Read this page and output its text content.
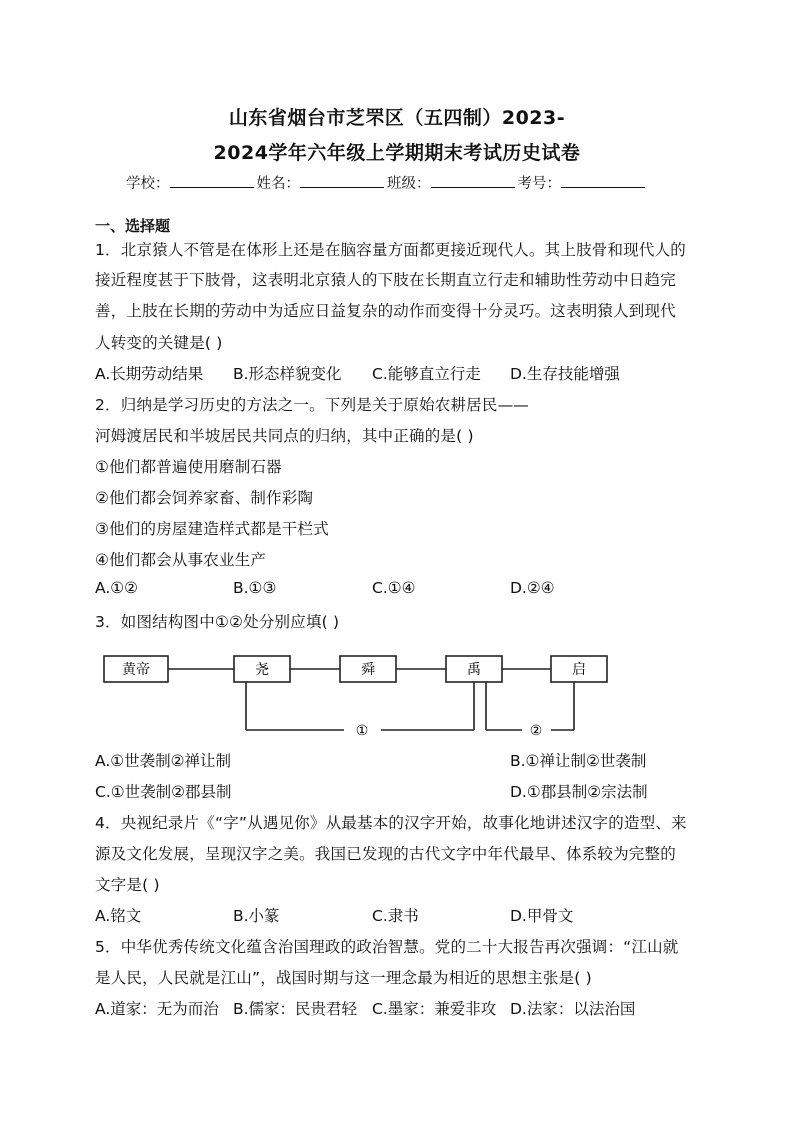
山东省烟台市芝罘区（五四制）2023-
2024学年六年级上学期期末考试历史试卷
学校：	姓名：	班级：	考号：
一、选择题
1．北京猿人不管是在体形上还是在脑容量方面都更接近现代人。其上肢骨和现代人的
接近程度甚于下肢骨，这表明北京猿人的下肢在长期直立行走和辅助性劳动中日趋完
善，上肢在长期的劳动中为适应日益复杂的动作而变得十分灵巧。这表明猿人到现代
人转变的关键是( )
A.长期劳动结果 B.形态样貌变化 C.能够直立行走 D.生存技能增强
2．归纳是学习历史的方法之一。下列是关于原始农耕居民——
河姆渡居民和半坡居民共同点的归纳，其中正确的是( )
①他们都普遍使用磨制石器
②他们都会饲养家畜、制作彩陶
③他们的房屋建造样式都是干栏式
④他们都会从事农业生产
A.①②	B.①③	C.①④	D.②④
3．如图结构图中①②处分别应填( )
黄帝	尧	舜	禹	启
①	②
A.①世袭制②禅让制	B.①禅让制②世袭制
C.①世袭制②郡县制	D.①郡县制②宗法制
4．央视纪录片《“字”从遇见你》从最基本的汉字开始，故事化地讲述汉字的造型、来
源及文化发展，呈现汉字之美。我国已发现的古代文字中年代最早、体系较为完整的
文字是( )
A.铭文	B.小篆	C.隶书	D.甲骨文
5．中华优秀传统文化蕴含治国理政的政治智慧。党的二十大报告再次强调：“江山就
是人民，人民就是江山”，战国时期与这一理念最为相近的思想主张是( )
A.道家：无为而治 B.儒家：民贵君轻 C.墨家：兼爱非攻 D.法家：以法治国
